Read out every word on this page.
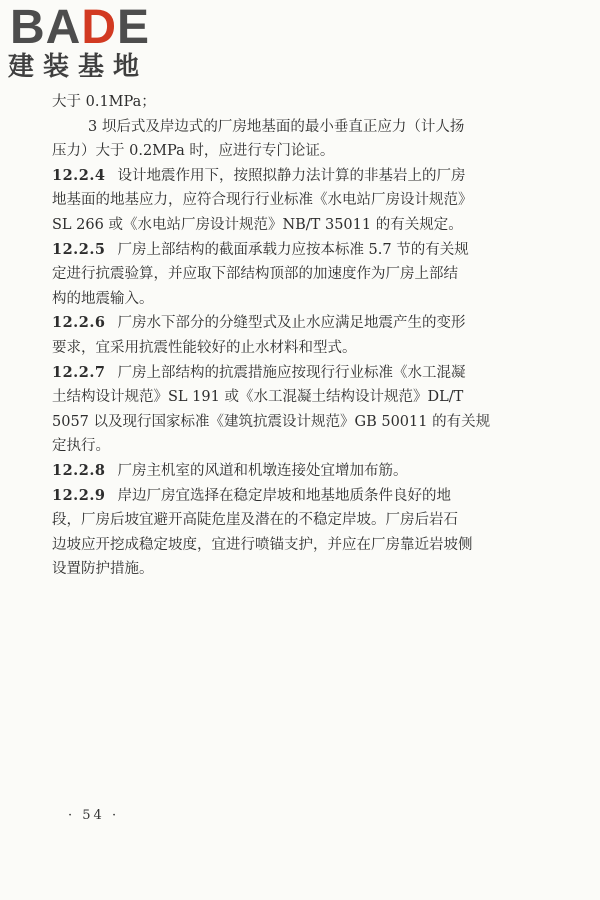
BADE
建装基地
大于 0.1MPa；
3 坝后式及岸边式的厂房地基面的最小垂直正应力（计人扬
压力）大于 0.2MPa 时，应进行专门论证。
12.2.4 设计地震作用下，按照拟静力法计算的非基岩上的厂房
地基面的地基应力，应符合现行行业标准《水电站厂房设计规范》
SL 266 或《水电站厂房设计规范》NB/T 35011 的有关规定。
12.2.5 厂房上部结构的截面承载力应按本标准 5.7 节的有关规
定进行抗震验算，并应取下部结构顶部的加速度作为厂房上部结
构的地震输入。
12.2.6 厂房水下部分的分缝型式及止水应满足地震产生的变形
要求，宜采用抗震性能较好的止水材料和型式。
12.2.7 厂房上部结构的抗震措施应按现行行业标准《水工混凝
土结构设计规范》SL 191 或《水工混凝土结构设计规范》DL/T
5057 以及现行国家标准《建筑抗震设计规范》GB 50011 的有关规
定执行。
12.2.8 厂房主机室的风道和机墩连接处宜增加布筋。
12.2.9 岸边厂房宜选择在稳定岸坡和地基地质条件良好的地
段，厂房后坡宜避开高陡危崖及潜在的不稳定岸坡。厂房后岩石
边坡应开挖成稳定坡度，宜进行喷锚支护，并应在厂房靠近岩坡侧
设置防护措施。
· 54 ·
